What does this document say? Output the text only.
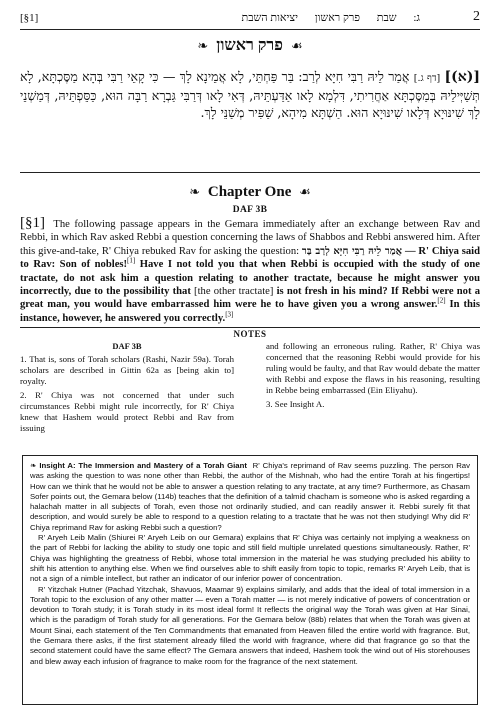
[§1]	ג: שבת פרק ראשון יציאות השבת	2
☙ פרק ראשון ❧
[(א)] [דף ג.] אֲמַר לֵיהּ רַבִּי חִיָּא לְרַב: בַּר פַּחְתֵּי, לָא אֲמֵינָא לָךְ — כִּי קָאֵי רַבִּי בְּהָא מַסֶּכְתָּא, לָא תְּשַׁיְּילֵיהּ בְּמַסֶּכְתָּא אַחֲרִיתִי, דִּלְמָא לָאו אַדַּעְתֵּיהּ, דְּאִי לָאו דְּרַבִּי גַּבְרָא רַבָּה הוּא, כַּסֵּפְתֵּיהּ, דְּמַשְׁנֵי לָךְ שִׁינּוּיָא דְּלָאו שִׁינּוּיָא הוּא. הַשְׁתָּא מִיהָא, שַׁפִּיר מְשַׁנֵּי לָךְ.
❧ Chapter One ☙
DAF 3B
[§1] The following passage appears in the Gemara immediately after an exchange between Rav and Rebbi, in which Rav asked Rebbi a question concerning the laws of Shabbos and Rebbi answered him. After this give-and-take, R' Chiya rebuked Rav for asking the question: אֲמַר לֵיהּ רַבִּי חִיָּא לְרַב בַּר — R' Chiya said to Rav: Son of nobles![1] Have I not told you that when Rebbi is occupied with the study of one tractate, do not ask him a question relating to another tractate, because he might answer you incorrectly, due to the possibility that [the other tractate] is not fresh in his mind? If Rebbi were not a great man, you would have embarrassed him were he to have given you a wrong answer.[2] In this instance, however, he answered you correctly.[3]
NOTES
DAF 3B

1. That is, sons of Torah scholars (Rashi, Nazir 59a). Torah scholars are described in Gittin 62a as [being akin to] royalty.

2. R' Chiya was not concerned that under such circumstances Rebbi might rule incorrectly, for R' Chiya knew that Hashem would protect Rebbi and Rav from issuing

and following an erroneous ruling. Rather, R' Chiya was concerned that the reasoning Rebbi would provide for his ruling would be faulty, and that Rav would debate the matter with Rebbi and expose the flaws in his reasoning, resulting in Rebbe being embarrassed (Ein Eliyahu).

3. See Insight A.

❧ Insight A: The Immersion and Mastery of a Torah Giant R' Chiya's reprimand of Rav seems puzzling. The person Rav was asking the question to was none other than Rebbi, the author of the Mishnah, who had the entire Torah at his fingertips! How can we think that he would not be able to answer a question relating to any tractate, at any time? Furthermore, as Chasam Sofer points out, the Gemara below (114b) teaches that the definition of a talmid chacham is someone who is asked regarding a halachah matter in all subjects of Torah, even those not ordinarily studied, and can readily answer it. Rebbi surely fit that description, and would surely be able to respond to a question relating to a tractate that he was not then studying! Why did R' Chiya reprimand Rav for asking Rebbi such a question?

R' Aryeh Leib Malin (Shiurei R' Aryeh Leib on our Gemara) explains that R' Chiya was certainly not implying a weakness on the part of Rebbi for lacking the ability to study one topic and still field multiple unrelated questions simultaneously. Rather, R' Chiya was highlighting the greatness of Rebbi, whose total immersion in the material he was studying precluded his ability to shift his attention to anything else. When we find ourselves able to shift easily from topic to topic, remarks R' Aryeh Leib, that is not a sign of a nimble intellect, but rather an indicator of our inferior power of concentration.

R' Yitzchak Hutner (Pachad Yitzchak, Shavuos, Maamar 9) explains similarly, and adds that the ideal of total immersion in a Torah topic to the exclusion of any other matter — even a Torah matter — is not merely indicative of powers of concentration or devotion to Torah study; it is Torah study in its most ideal form! It reflects the original way the Torah was given at Har Sinai, which is the paradigm of Torah study for all generations. For the Gemara below (88b) relates that when the Torah was given at Mount Sinai, each statement of the Ten Commandments that emanated from Heaven filled the entire world with fragrance. But, the Gemara there asks, if the first statement already filled the world with fragrance, where did that fragrance go so that the second statement could have the same effect? The Gemara answers that indeed, Hashem took the wind out of His storehouses and blew away each infusion of fragrance to make room for the fragrance of the next statement.
